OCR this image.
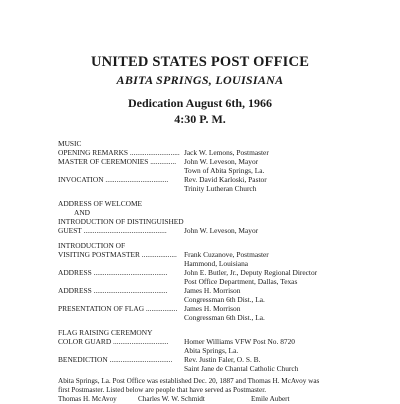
UNITED STATES POST OFFICE
ABITA SPRINGS, LOUISIANA
Dedication August 6th, 1966
4:30 P. M.
MUSIC
OPENING REMARKS ........................... Jack W. Lemons, Postmaster
MASTER OF CEREMONIES ..............	John W. Leveson, Mayor
Town of Abita Springs, La.
INVOCATION ..................................	Rev. David Karloski, Pastor
Trinity Lutheran Church
ADDRESS OF WELCOME
AND
INTRODUCTION OF DISTINGUISHED
GUEST .............................................	John W. Leveson, Mayor
INTRODUCTION OF
VISITING POSTMASTER ................... Frank Cuzanove, Postmaster
Hammond, Louisiana
ADDRESS ........................................	John E. Butler, Jr., Deputy Regional Director
Post Office Department, Dallas, Texas
ADDRESS ........................................	James H. Morrison
Congressman 6th Dist., La.
PRESENTATION OF FLAG ................. James H. Morrison
Congressman 6th Dist., La.
FLAG RAISING CEREMONY
COLOR GUARD ..............................	Homer Williams VFW Post No. 8720
Abita Springs, La.
BENEDICTION ..................................	Rev. Justin Faler, O. S. B.
Saint Jane de Chantal Catholic Church
Abita Springs, La. Post Office was established Dec. 20, 1887 and Thomas H. McAvoy was
first Postmaster. Listed below are people that have served as Postmaster.
Thomas H. McAvoy	Charles W. W. Schmidt	Emile Aubert
